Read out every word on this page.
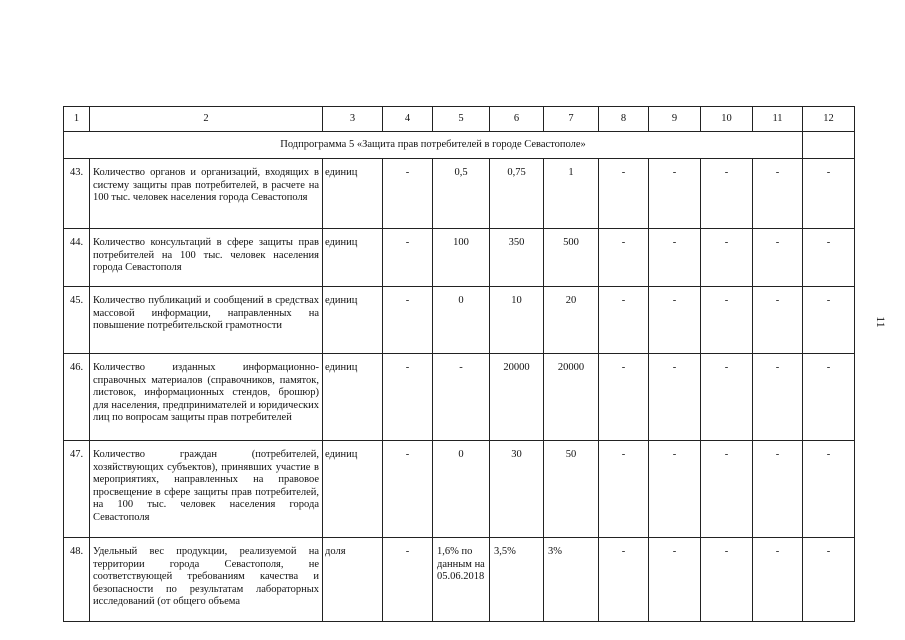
1	2	3	4	5	6	7	8	9	10	11	12
Подпрограмма 5 «Защита прав потребителей в городе Севастополе»											
43.	Количество органов и организаций, входящих в систему защиты прав потребителей, в расчете на 100 тыс. человек населения города Севастополя	единиц	-	0,5	0,75	1	-	-	-	-	-
44.	Количество консультаций в сфере защиты прав потребителей на 100 тыс. человек населения города Севастополя	единиц	-	100	350	500	-	-	-	-	-
45.	Количество публикаций и сообщений в средствах массовой информации, направленных на повышение потребительской грамотности	единиц	-	0	10	20	-	-	-	-	-
46.	Количество изданных информационно-справочных материалов (справочников, памяток, листовок, информационных стендов, брошюр) для населения, предпринимателей и юридических лиц по вопросам защиты прав потребителей	единиц	-	-	20000	20000	-	-	-	-	-
47.	Количество граждан (потребителей, хозяйствующих субъектов), принявших участие в мероприятиях, направленных на правовое просвещение в сфере защиты прав потребителей, на 100 тыс. человек населения города Севастополя	единиц	-	0	30	50	-	-	-	-	-
48.	Удельный вес продукции, реализуемой на территории города Севастополя, не соответствующей требованиям качества и безопасности по результатам лабораторных исследований (от общего объема	доля	-	1,6% по данным на 05.06.2018	3,5%	3%	-	-	-	-	-
11
